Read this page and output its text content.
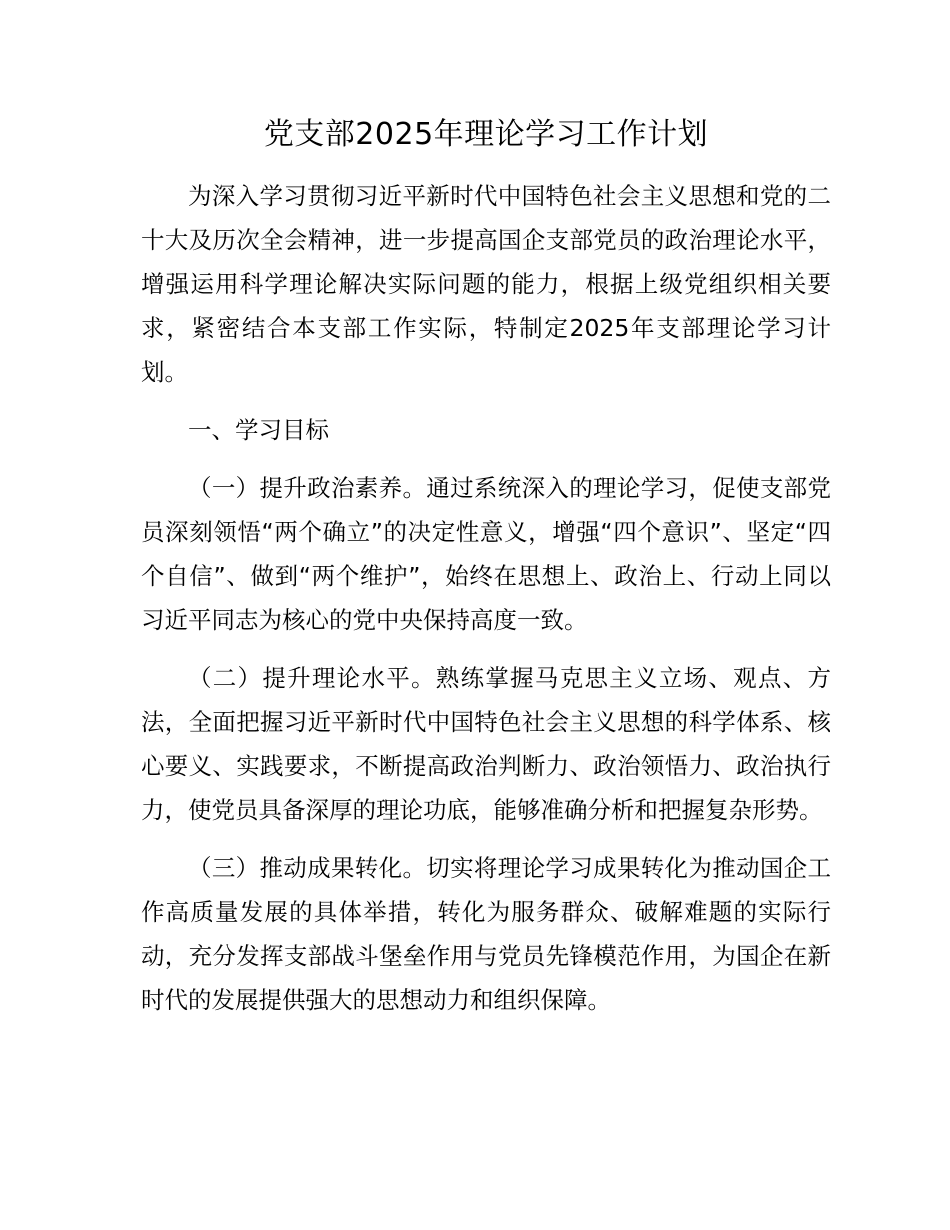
党支部2025年理论学习工作计划

为深入学习贯彻习近平新时代中国特色社会主义思想和党的二十大及历次全会精神，进一步提高国企支部党员的政治理论水平，增强运用科学理论解决实际问题的能力，根据上级党组织相关要求，紧密结合本支部工作实际，特制定2025年支部理论学习计划。

一、学习目标

（一）提升政治素养。通过系统深入的理论学习，促使支部党员深刻领悟“两个确立”的决定性意义，增强“四个意识”、坚定“四个自信”、做到“两个维护”，始终在思想上、政治上、行动上同以习近平同志为核心的党中央保持高度一致。

（二）提升理论水平。熟练掌握马克思主义立场、观点、方法，全面把握习近平新时代中国特色社会主义思想的科学体系、核心要义、实践要求，不断提高政治判断力、政治领悟力、政治执行力，使党员具备深厚的理论功底，能够准确分析和把握复杂形势。

（三）推动成果转化。切实将理论学习成果转化为推动国企工作高质量发展的具体举措，转化为服务群众、破解难题的实际行动，充分发挥支部战斗堡垒作用与党员先锋模范作用，为国企在新时代的发展提供强大的思想动力和组织保障。
